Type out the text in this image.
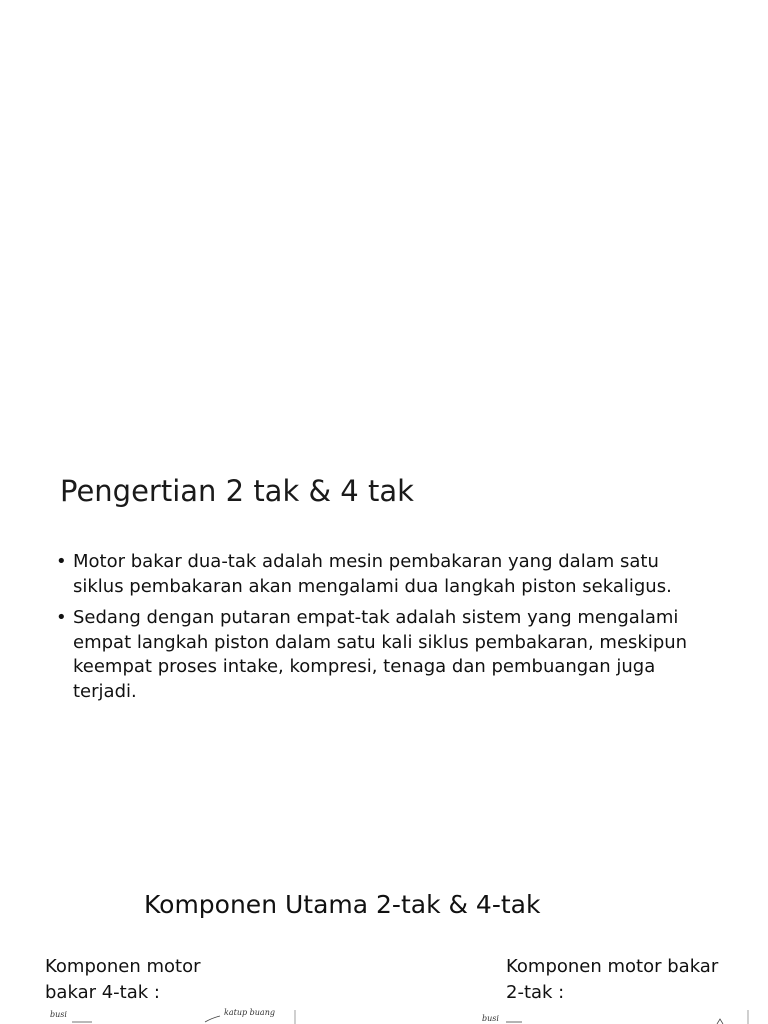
Pengertian 2 tak & 4 tak
• Motor bakar dua-tak adalah mesin pembakaran yang dalam satu siklus pembakaran akan mengalami dua langkah piston sekaligus.
• Sedang dengan putaran empat-tak adalah sistem yang mengalami empat langkah piston dalam satu kali siklus pembakaran, meskipun keempat proses intake, kompresi, tenaga dan pembuangan juga terjadi.
Komponen Utama 2-tak & 4-tak

Komponen motor bakar 4-tak :

Komponen motor bakar 2-tak :

busi	katup buang
busi
